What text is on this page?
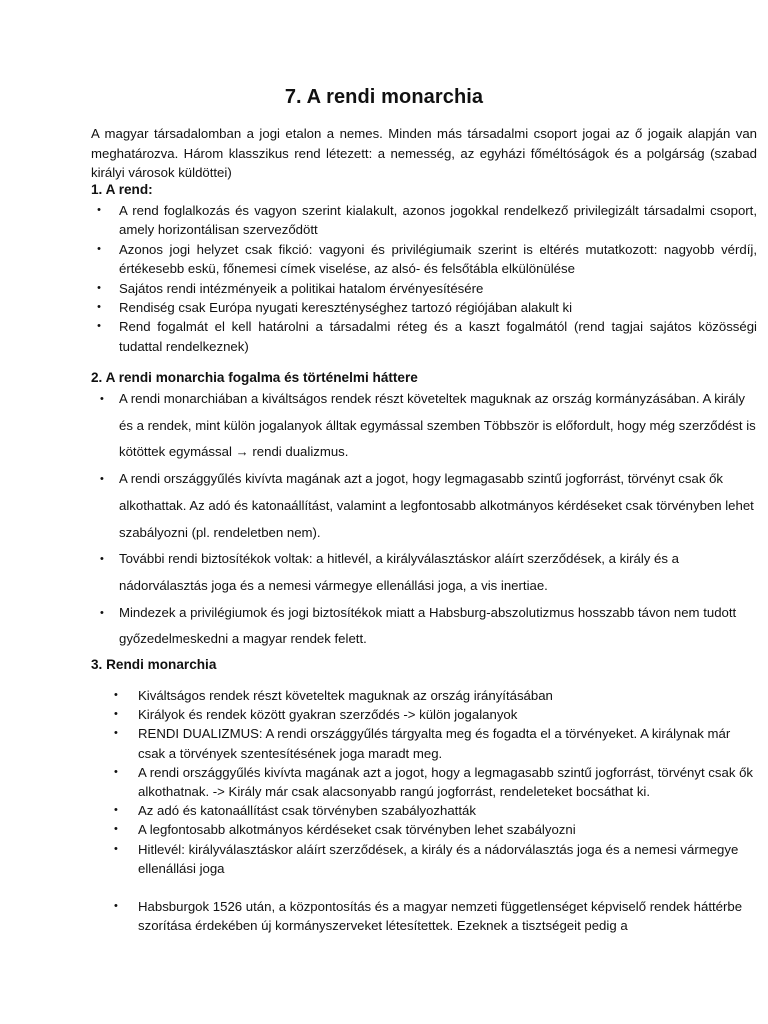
7. A rendi monarchia

A magyar társadalomban a jogi etalon a nemes. Minden más társadalmi csoport jogai az ő jogaik alapján van meghatározva. Három klasszikus rend létezett: a nemesség, az egyházi főméltóságok és a polgárság (szabad királyi városok küldöttei)

1. A rend:
• A rend foglalkozás és vagyon szerint kialakult, azonos jogokkal rendelkező privilegizált társadalmi csoport, amely horizontálisan szerveződött
• Azonos jogi helyzet csak fikció: vagyoni és privilégiumaik szerint is eltérés mutatkozott: nagyobb vérdíj, értékesebb eskü, főnemesi címek viselése, az alsó- és felsőtábla elkülönülése
• Sajátos rendi intézményeik a politikai hatalom érvényesítésére
• Rendiség csak Európa nyugati kereszténységhez tartozó régiójában alakult ki
• Rend fogalmát el kell határolni a társadalmi réteg és a kaszt fogalmától (rend tagjai sajátos közösségi tudattal rendelkeznek)
2. A rendi monarchia fogalma és történelmi háttere
• A rendi monarchiában a kiváltságos rendek részt követeltek maguknak az ország kormányzásában. A király és a rendek, mint külön jogalanyok álltak egymással szemben Többször is előfordult, hogy még szerződést is kötöttek egymással → rendi dualizmus.
• A rendi országgyűlés kivívta magának azt a jogot, hogy legmagasabb szintű jogforrást, törvényt csak ők alkothattak. Az adó és katonaállítást, valamint a legfontosabb alkotmányos kérdéseket csak törvényben lehet szabályozni (pl. rendeletben nem).
• További rendi biztosítékok voltak: a hitlevél, a királyválasztáskor aláírt szerződések, a király és a nádorválasztás joga és a nemesi vármegye ellenállási joga, a vis inertiae.
• Mindezek a privilégiumok és jogi biztosítékok miatt a Habsburg-abszolutizmus hosszabb távon nem tudott győzedelmeskedni a magyar rendek felett.
3. Rendi monarchia
• Kiváltságos rendek részt követeltek maguknak az ország irányításában
• Királyok és rendek között gyakran szerződés -> külön jogalanyok
• RENDI DUALIZMUS: A rendi országgyűlés tárgyalta meg és fogadta el a törvényeket. A királynak már csak a törvények szentesítésének joga maradt meg.
• A rendi országgyűlés kivívta magának azt a jogot, hogy a legmagasabb szintű jogforrást, törvényt csak ők alkothatnak. -> Király már csak alacsonyabb rangú jogforrást, rendeleteket bocsáthat ki.
• Az adó és katonaállítást csak törvényben szabályozhatták
• A legfontosabb alkotmányos kérdéseket csak törvényben lehet szabályozni
• Hitlevél: királyválasztáskor aláírt szerződések, a király és a nádorválasztás joga és a nemesi vármegye ellenállási joga
• Habsburgok 1526 után, a központosítás és a magyar nemzeti függetlenséget képviselő rendek háttérbe szorítása érdekében új kormányszerveket létesítettek. Ezeknek a tisztségeit pedig a
